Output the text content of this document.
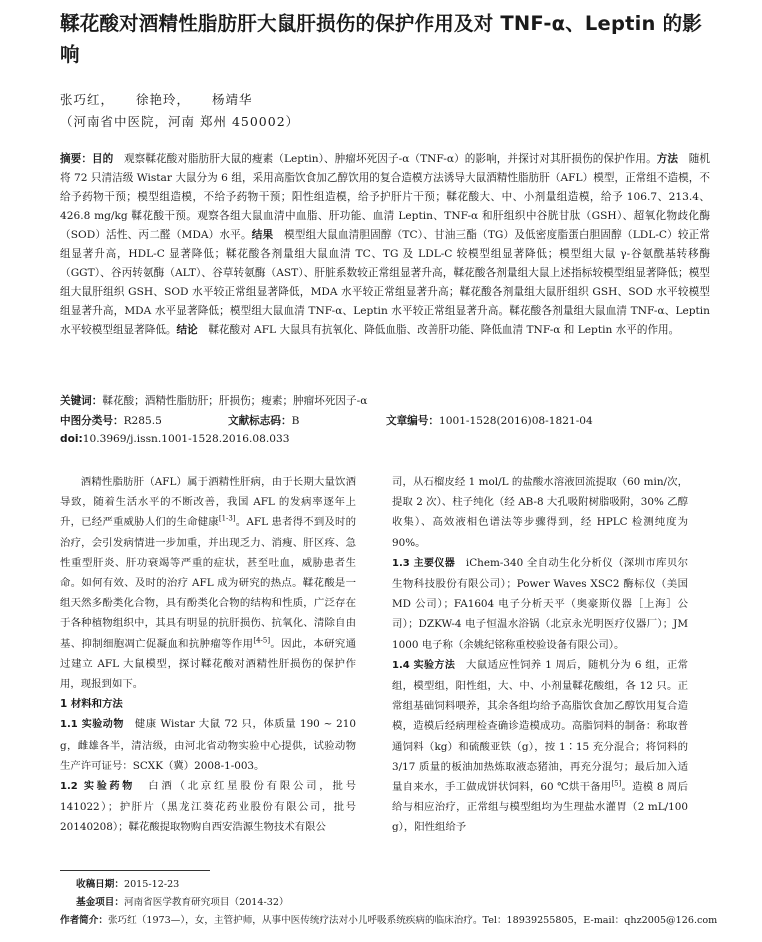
鞣花酸对酒精性脂肪肝大鼠肝损伤的保护作用及对 TNF-α、Leptin 的影响
张巧红， 徐艳玲， 杨靖华
（河南省中医院，河南 郑州 450002）
摘要：目的　 观察鞣花酸对脂肪肝大鼠的瘦素（Leptin）、肿瘤坏死因子-α（TNF-α）的影响，并探讨对其肝损伤的保护作用。方法　 随机将 72 只清洁级 Wistar 大鼠分为 6 组，采用高脂饮食加乙醇饮用的复合造模方法诱导大鼠酒精性脂肪肝（AFL）模型，正常组不造模，不给予药物干预；模型组造模，不给予药物干预；阳性组造模，给予护肝片干预；鞣花酸大、中、小剂量组造模，给予 106.7、213.4、426.8 mg/kg 鞣花酸干预。观察各组大鼠血清中血脂、肝功能、血清 Leptin、TNF-α 和肝组织中谷胱甘肽（GSH）、超氧化物歧化酶（SOD）活性、丙二醛（MDA）水平。结果　 模型组大鼠血清胆固醇（TC）、甘油三酯（TG）及低密度脂蛋白胆固醇（LDL-C）较正常组显著升高，HDL-C 显著降低；鞣花酸各剂量组大鼠血清 TC、TG 及 LDL-C 较模型组显著降低；模型组大鼠 γ-谷氨酰基转移酶（GGT）、谷丙转氨酶（ALT）、谷草转氨酶（AST）、肝脏系数较正常组显著升高，鞣花酸各剂量组大鼠上述指标较模型组显著降低；模型组大鼠肝组织 GSH、SOD 水平较正常组显著降低，MDA 水平较正常组显著升高；鞣花酸各剂量组大鼠肝组织 GSH、SOD 水平较模型组显著升高，MDA 水平显著降低；模型组大鼠血清 TNF-α、Leptin 水平较正常组显著升高。鞣花酸各剂量组大鼠血清 TNF-α、Leptin 水平较模型组显著降低。结论　 鞣花酸对 AFL 大鼠具有抗氧化、降低血脂、改善肝功能、降低血清 TNF-α 和 Leptin 水平的作用。
关键词：鞣花酸；酒精性脂肪肝；肝损伤；瘦素；肿瘤坏死因子-α
中图分类号：R285.5	文献标志码：B	文章编号：1001-1528(2016)08-1821-04
doi:10.3969/j.issn.1001-1528.2016.08.033

酒精性脂肪肝（AFL）属于酒精性肝病，由于长期大量饮酒导致，随着生活水平的不断改善，我国 AFL 的发病率逐年上升，已经严重威胁人们的生命健康[1-3]。AFL 患者得不到及时的治疗，会引发病情进一步加重，并出现乏力、消瘦、肝区疼、急性重型肝炎、肝功衰竭等严重的症状，甚至吐血，威胁患者生命。如何有效、及时的治疗 AFL 成为研究的热点。鞣花酸是一组天然多酚类化合物，具有酚类化合物的结构和性质，广泛存在于各种植物组织中，其具有明显的抗肝损伤、抗氧化、清除自由基、抑制细胞凋亡促凝血和抗肿瘤等作用[4-5]。因此，本研究通过建立 AFL 大鼠模型，探讨鞣花酸对酒精性肝损伤的保护作用，现报到如下。

1 材料和方法

1.1 实验动物　 健康 Wistar 大鼠 72 只，体质量 190 ~ 210 g，雌雄各半，清洁级，由河北省动物实验中心提供，试验动物生产许可证号：SCXK（冀）2008-1-003。

1.2 实验药物　 白酒（北京红星股份有限公司，批号 141022）；护肝片（黑龙江葵花药业股份有限公司，批号 20140208）；鞣花酸提取物购自西安浩源生物技术有限公

司，从石榴皮经 1 mol/L 的盐酸水溶液回流提取（60 min/次，提取 2 次）、柱子纯化（经 AB-8 大孔吸附树脂吸附，30% 乙醇收集）、高效液相色谱法等步骤得到，经 HPLC 检测纯度为 90%。

1.3 主要仪器　 iChem-340 全自动生化分析仪（深圳市库贝尔生物科技股份有限公司）；Power Waves XSC2 酶标仪（美国 MD 公司）；FA1604 电子分析天平（奥豪斯仪器［上海］公司）；DZKW-4 电子恒温水浴锅（北京永光明医疗仪器厂）；JM 1000 电子称（余姚纪铭称重校验设备有限公司）。

1.4 实验方法　 大鼠适应性饲养 1 周后，随机分为 6 组，正常组，模型组，阳性组，大、中、小剂量鞣花酸组，各 12 只。正常组基础饲料喂养，其余各组均给予高脂饮食加乙醇饮用复合造模，造模后经病理检查确诊造模成功。高脂饲料的制备：称取普通饲料（kg）和硫酸亚铁（g），按 1∶15 充分混合；将饲料的 3/17 质量的板油加热炼取液态猪油，再充分混匀；最后加入适量自来水，手工做成饼状饲料，60 ℃烘干备用[5]。造模 8 周后给与相应治疗，正常组与模型组均为生理盐水灌胃（2 mL/100 g），阳性组给予

收稿日期：2015-12-23
基金项目：河南省医学教育研究项目（2014-32）
作者简介：张巧红（1973—），女，主管护师，从事中医传统疗法对小儿呼吸系统疾病的临床治疗。Tel：18939255805，E-mail：qhz2005@126.com
